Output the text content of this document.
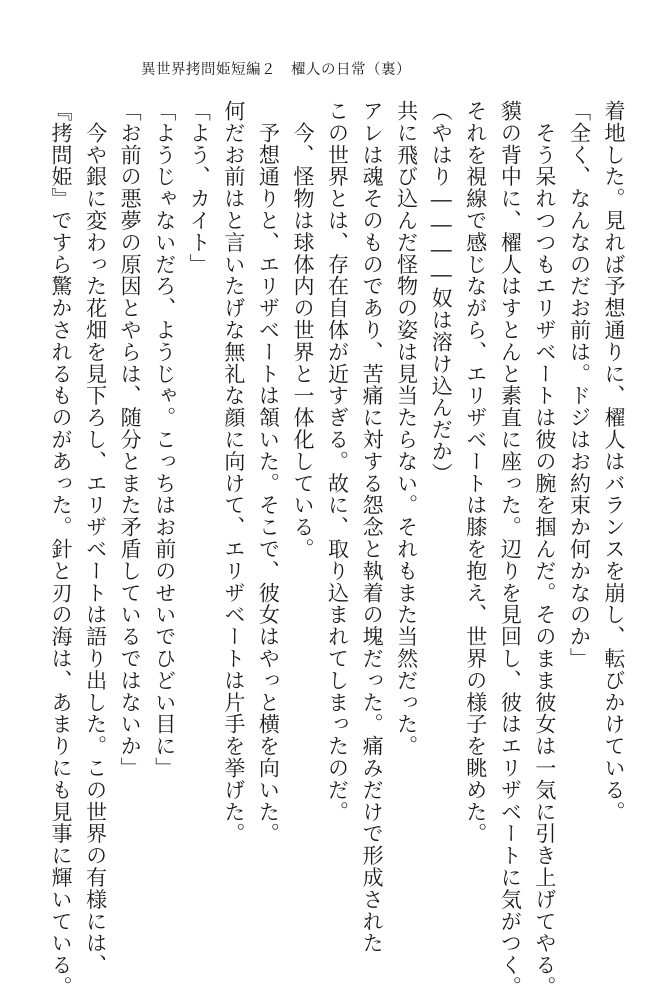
異世界拷問姫短編２　櫂人の日常（裏）
着地した。見れば予想通りに、櫂人はバランスを崩し、転びかけている。
「全く、なんなのだお前は。ドジはお約束か何かなのか」
　そう呆れつつもエリザベートは彼の腕を掴んだ。そのまま彼女は一気に引き上げてやる。
貘の背中に、櫂人はすとんと素直に座った。辺りを見回し、彼はエリザベートに気がつく。
それを視線で感じながら、エリザベートは膝を抱え、世界の様子を眺めた。
（やはり――――奴は溶け込んだか）
共に飛び込んだ怪物の姿は見当たらない。それもまた当然だった。
アレは魂そのものであり、苦痛に対する怨念と執着の塊だった。痛みだけで形成された
この世界とは、存在自体が近すぎる。故に、取り込まれてしまったのだ。
　今、怪物は球体内の世界と一体化している。
　予想通りと、エリザベートは頷いた。そこで、彼女はやっと横を向いた。
何だお前はと言いたげな無礼な顔に向けて、エリザベートは片手を挙げた。
「よう、カイト」
「ようじゃないだろ、ようじゃ。こっちはお前のせいでひどい目に」
「お前の悪夢の原因とやらは、随分とまた矛盾しているではないか」
　今や銀に変わった花畑を見下ろし、エリザベートは語り出した。この世界の有様には、
『拷問姫』ですら驚かされるものがあった。針と刃の海は、あまりにも見事に輝いている。
